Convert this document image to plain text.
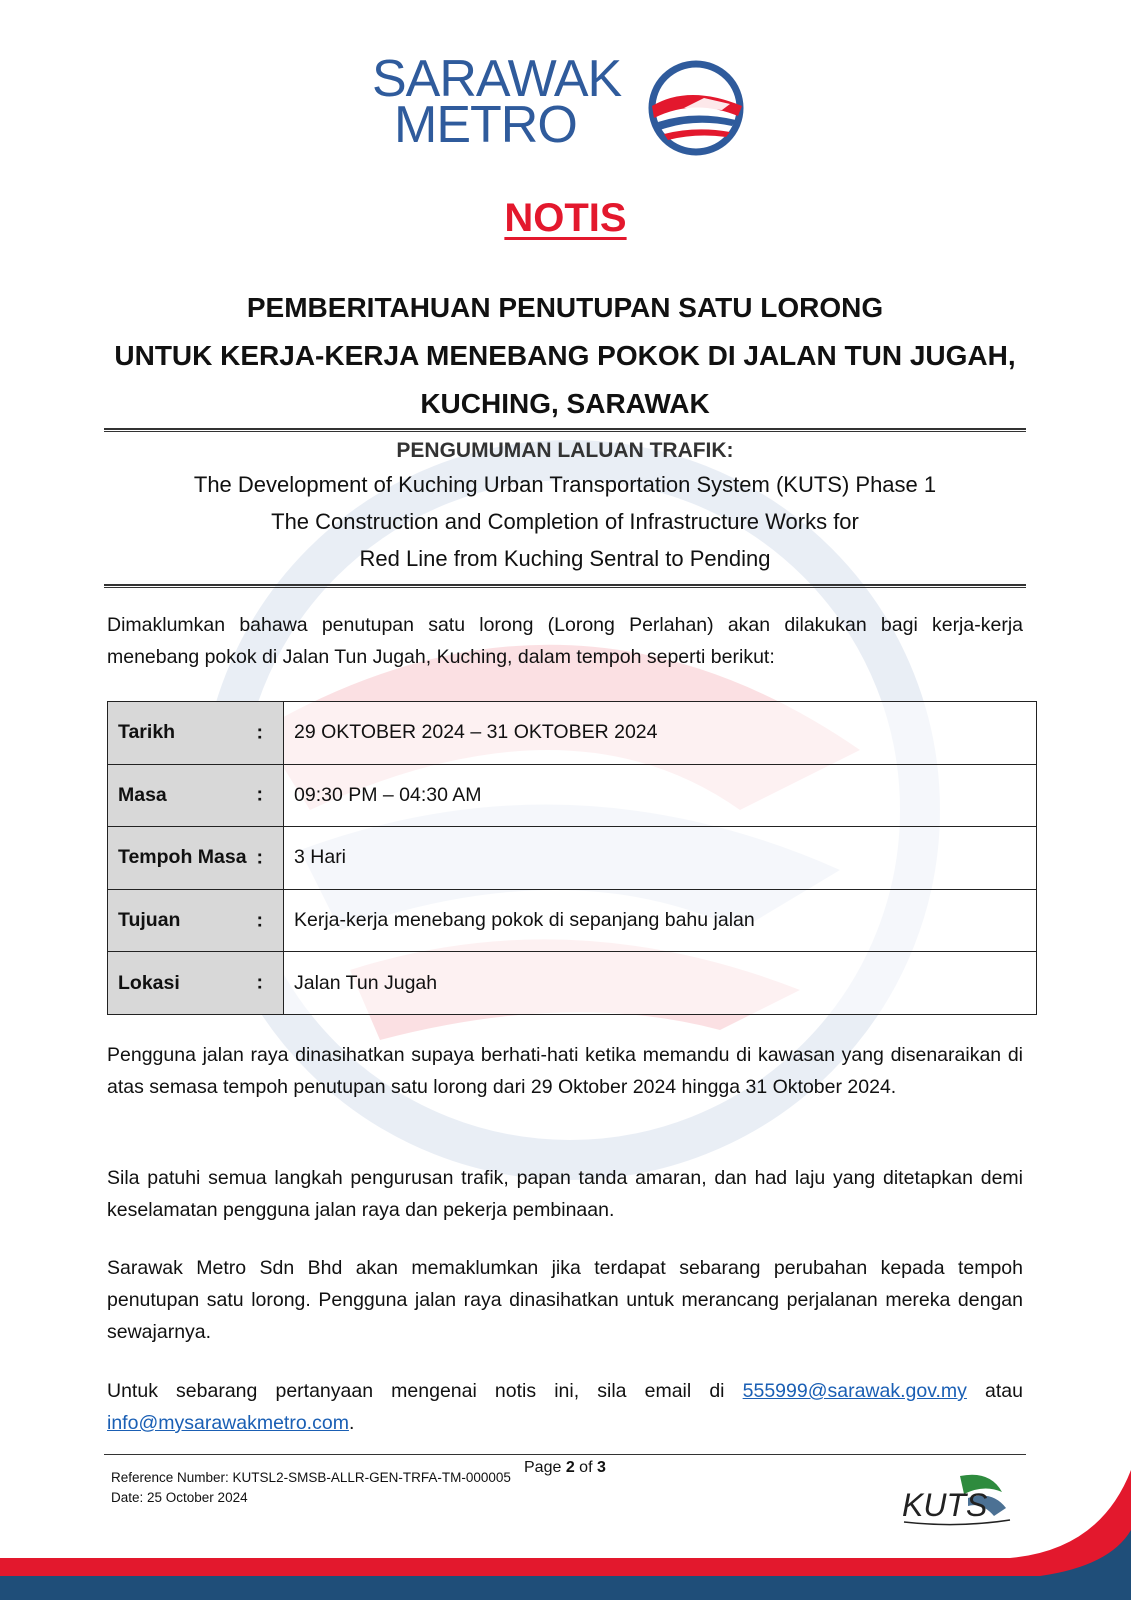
SARAWAK
METRO
NOTIS
PEMBERITAHUAN PENUTUPAN SATU LORONG
UNTUK KERJA-KERJA MENEBANG POKOK DI JALAN TUN JUGAH,
KUCHING, SARAWAK
PENGUMUMAN LALUAN TRAFIK:
The Development of Kuching Urban Transportation System (KUTS) Phase 1
The Construction and Completion of Infrastructure Works for
Red Line from Kuching Sentral to Pending

Dimaklumkan bahawa penutupan satu lorong (Lorong Perlahan) akan dilakukan bagi kerja-kerja menebang pokok di Jalan Tun Jugah, Kuching, dalam tempoh seperti berikut:

Tarikh :	29 OKTOBER 2024 – 31 OKTOBER 2024
Masa :	09:30 PM – 04:30 AM
Tempoh Masa :	3 Hari
Tujuan :	Kerja-kerja menebang pokok di sepanjang bahu jalan
Lokasi :	Jalan Tun Jugah

Pengguna jalan raya dinasihatkan supaya berhati-hati ketika memandu di kawasan yang disenaraikan di atas semasa tempoh penutupan satu lorong dari 29 Oktober 2024 hingga 31 Oktober 2024.

Sila patuhi semua langkah pengurusan trafik, papan tanda amaran, dan had laju yang ditetapkan demi keselamatan pengguna jalan raya dan pekerja pembinaan.

Sarawak Metro Sdn Bhd akan memaklumkan jika terdapat sebarang perubahan kepada tempoh penutupan satu lorong. Pengguna jalan raya dinasihatkan untuk merancang perjalanan mereka dengan sewajarnya.

Untuk sebarang pertanyaan mengenai notis ini, sila email di 555999@sarawak.gov.my atau info@mysarawakmetro.com.

Page 2 of 3
Reference Number: KUTSL2-SMSB-ALLR-GEN-TRFA-TM-000005
Date: 25 October 2024	KUTS
